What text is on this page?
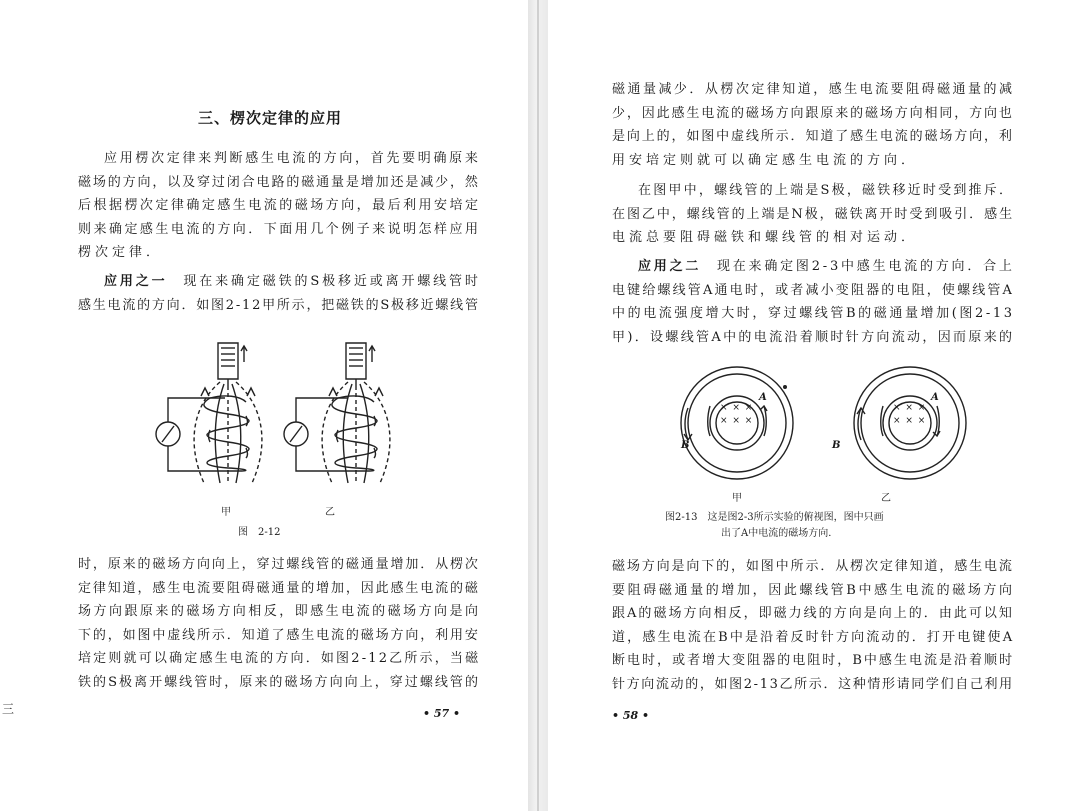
三、楞次定律的应用

应用楞次定律来判断感生电流的方向，首先要明确原来
磁场的方向，以及穿过闭合电路的磁通量是增加还是减少，然
后根据楞次定律确定感生电流的磁场方向，最后利用安培定
则来确定感生电流的方向．下面用几个例子来说明怎样应用
楞次定律．

应用之一　 现在来确定磁铁的S极移近或离开螺线管时
感生电流的方向．如图2-12甲所示，把磁铁的S极移近螺线管

甲	乙
图　2-12

时，原来的磁场方向向上，穿过螺线管的磁通量增加．从楞次
定律知道，感生电流要阻碍磁通量的增加，因此感生电流的磁
场方向跟原来的磁场方向相反，即感生电流的磁场方向是向
下的，如图中虚线所示．知道了感生电流的磁场方向，利用安
培定则就可以确定感生电流的方向．如图2-12乙所示，当磁
铁的S极离开螺线管时，原来的磁场方向向上，穿过螺线管的

• 57 •
三

磁通量减少．从楞次定律知道，感生电流要阻碍磁通量的减
少，因此感生电流的磁场方向跟原来的磁场方向相同，方向也
是向上的，如图中虚线所示．知道了感生电流的磁场方向，利
用安培定则就可以确定感生电流的方向．

在图甲中，螺线管的上端是S极，磁铁移近时受到推斥．
在图乙中，螺线管的上端是N极，磁铁离开时受到吸引．感生
电流总要阻碍磁铁和螺线管的相对运动．

应用之二　 现在来确定图2-3中感生电流的方向．合上
电键给螺线管A通电时，或者减小变阻器的电阻，使螺线管A
中的电流强度增大时，穿过螺线管B的磁通量增加(图2-13
甲)．设螺线管A中的电流沿着顺时针方向流动，因而原来的

× × ×
× × ×
× × ×
× × ×
A	A
B	B
甲	乙
图2-13　这是图2-3所示实验的俯视图，图中只画
出了A中电流的磁场方向．

磁场方向是向下的，如图中所示．从楞次定律知道，感生电流
要阻碍磁通量的增加，因此螺线管B中感生电流的磁场方向
跟A的磁场方向相反，即磁力线的方向是向上的．由此可以知
道，感生电流在B中是沿着反时针方向流动的．打开电键使A
断电时，或者增大变阻器的电阻时，B中感生电流是沿着顺时
针方向流动的，如图2-13乙所示．这种情形请同学们自己利用

• 58 •
